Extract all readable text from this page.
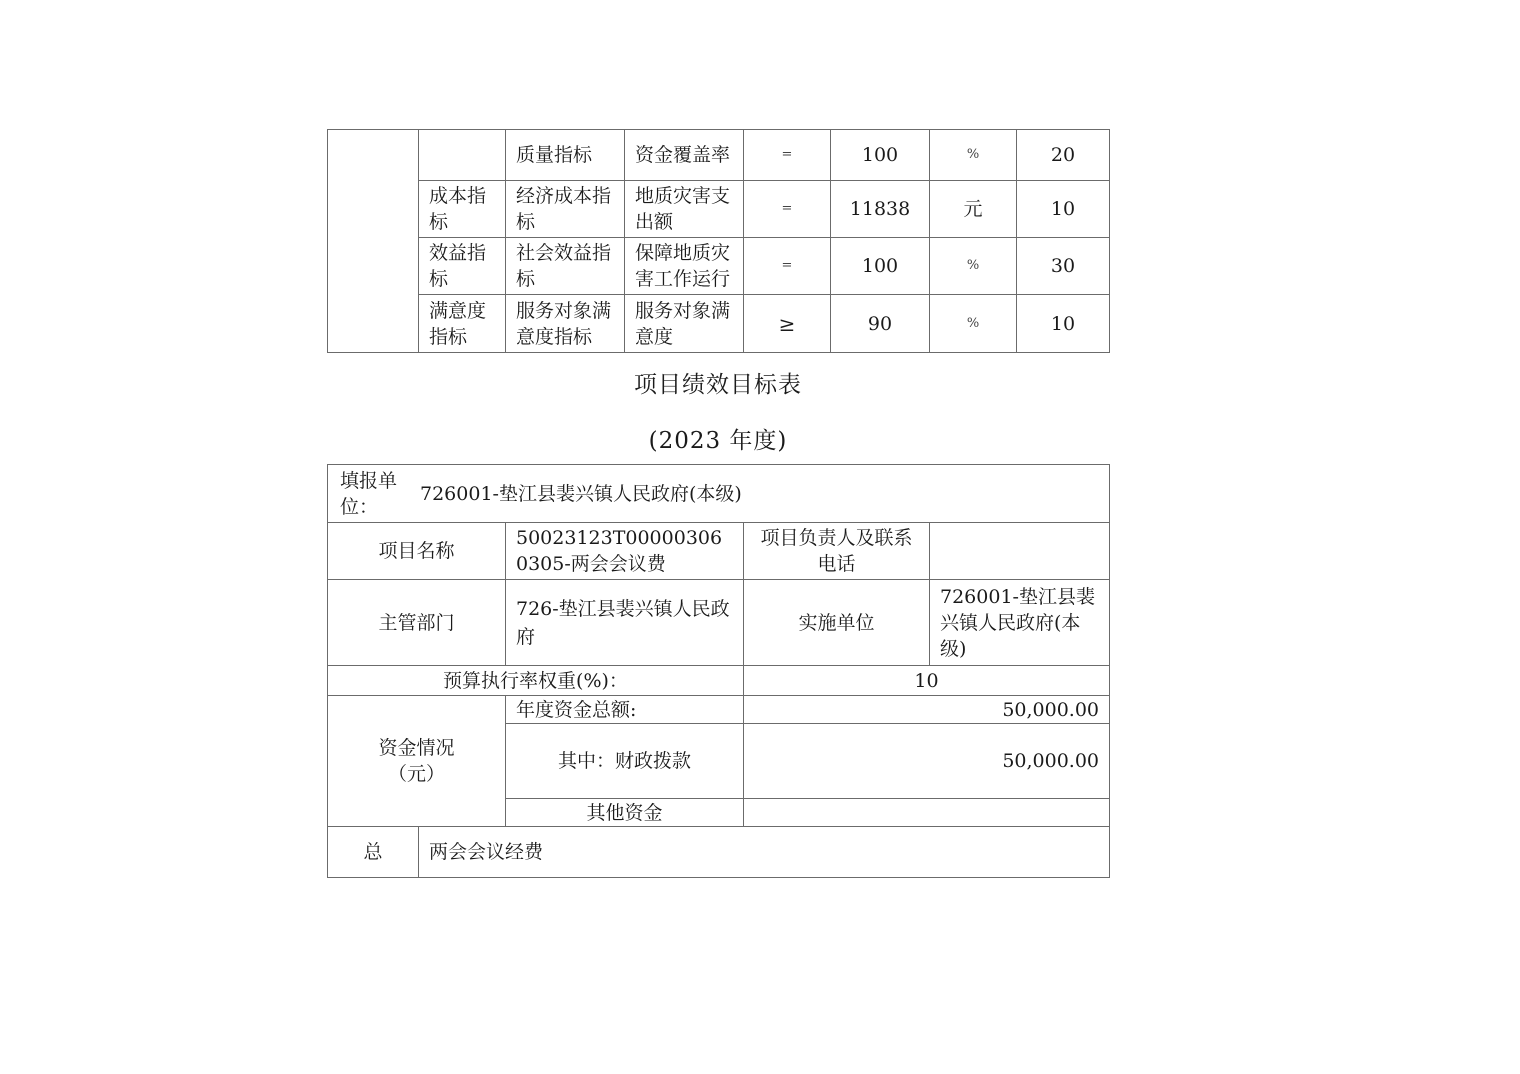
		质量指标	资金覆盖率	=	100	%	20
	成本指标	经济成本指标	地质灾害支出额	=	11838	元	10
	效益指标	社会效益指标	保障地质灾害工作运行	=	100	%	30
	满意度指标	服务对象满意度指标	服务对象满意度	≥	90	%	10
项目绩效目标表
(2023 年度)
填报单位：
726001-垫江县裴兴镇人民政府(本级)				

项目名称		50023123T000003060305-两会会议费	项目负责人及联系电话	
主管部门		726-垫江县裴兴镇人民政府	实施单位	726001-垫江县裴兴镇人民政府(本级)
预算执行率权重(%)：			10	
资金情况（元）		年度资金总额:	50,000.00	
		其中：财政拨款	50,000.00	
		其他资金		
总	两会会议经费			
